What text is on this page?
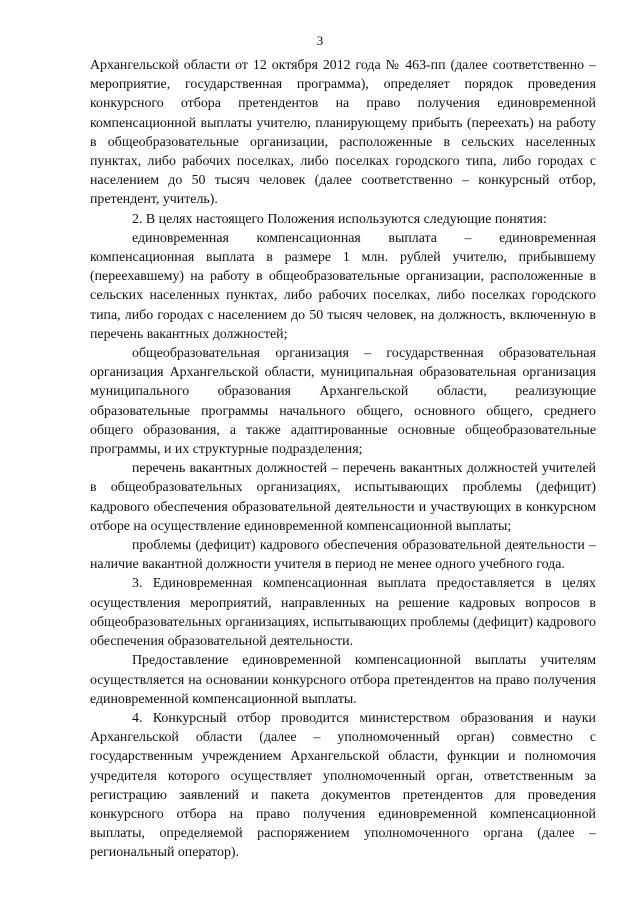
3

Архангельской области от 12 октября 2012 года № 463-пп (далее соответственно – мероприятие, государственная программа), определяет порядок проведения конкурсного отбора претендентов на право получения единовременной компенсационной выплаты учителю, планирующему прибыть (переехать) на работу в общеобразовательные организации, расположенные в сельских населенных пунктах, либо рабочих поселках, либо поселках городского типа, либо городах с населением до 50 тысяч человек (далее соответственно – конкурсный отбор, претендент, учитель).

2. В целях настоящего Положения используются следующие понятия:

единовременная компенсационная выплата – единовременная компенсационная выплата в размере 1 млн. рублей учителю, прибывшему (переехавшему) на работу в общеобразовательные организации, расположенные в сельских населенных пунктах, либо рабочих поселках, либо поселках городского типа, либо городах с населением до 50 тысяч человек, на должность, включенную в перечень вакантных должностей;

общеобразовательная организация – государственная образовательная организация Архангельской области, муниципальная образовательная организация муниципального образования Архангельской области, реализующие образовательные программы начального общего, основного общего, среднего общего образования, а также адаптированные основные общеобразовательные программы, и их структурные подразделения;

перечень вакантных должностей – перечень вакантных должностей учителей в общеобразовательных организациях, испытывающих проблемы (дефицит) кадрового обеспечения образовательной деятельности и участвующих в конкурсном отборе на осуществление единовременной компенсационной выплаты;

проблемы (дефицит) кадрового обеспечения образовательной деятельности – наличие вакантной должности учителя в период не менее одного учебного года.

3. Единовременная компенсационная выплата предоставляется в целях осуществления мероприятий, направленных на решение кадровых вопросов в общеобразовательных организациях, испытывающих проблемы (дефицит) кадрового обеспечения образовательной деятельности.

Предоставление единовременной компенсационной выплаты учителям осуществляется на основании конкурсного отбора претендентов на право получения единовременной компенсационной выплаты.

4. Конкурсный отбор проводится министерством образования и науки Архангельской области (далее – уполномоченный орган) совместно с государственным учреждением Архангельской области, функции и полномочия учредителя которого осуществляет уполномоченный орган, ответственным за регистрацию заявлений и пакета документов претендентов для проведения конкурсного отбора на право получения единовременной компенсационной выплаты, определяемой распоряжением уполномоченного органа (далее – региональный оператор).
